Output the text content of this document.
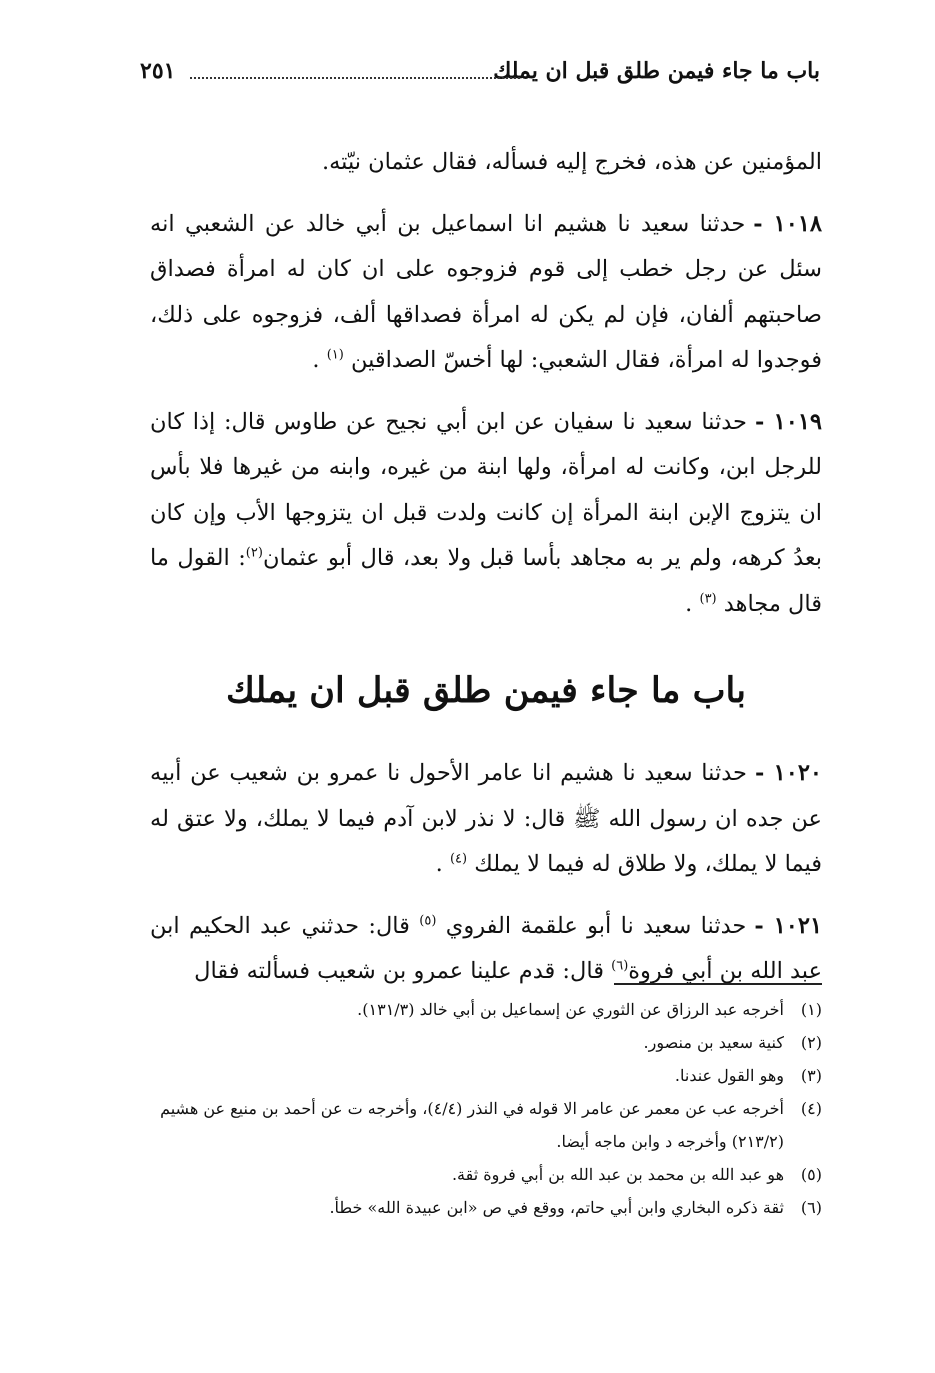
باب ما جاء فيمن طلق قبل ان يملك
٢٥١

المؤمنين عن هذه، فخرج إليه فسأله، فقال عثمان نيّته.

١٠١٨ -حدثنا سعيد نا هشيم انا اسماعيل بن أبي خالد عن الشعبي انه سئل عن رجل خطب إلى قوم فزوجوه على ان كان له امرأة فصداق صاحبتهم ألفان، فإن لم يكن له امرأة فصداقها ألف، فزوجوه على ذلك، فوجدوا له امرأة، فقال الشعبي: لها أخسّ الصداقين $^{(١)}$ .

١٠١٩ -حدثنا سعيد نا سفيان عن ابن أبي نجيح عن طاوس قال: إذا كان للرجل ابن، وكانت له امرأة، ولها ابنة من غيره، وابنه من غيرها فلا بأس ان يتزوج الإبن ابنة المرأة إن كانت ولدت قبل ان يتزوجها الأب وإن كان بعدُ كرهه، ولم ير به مجاهد بأسا قبل ولا بعد، قال أبو عثمان$^{(٢)}$: القول ما قال مجاهد $^{(٣)}$ .

باب ما جاء فيمن طلق قبل ان يملك

١٠٢٠ -حدثنا سعيد نا هشيم انا عامر الأحول نا عمرو بن شعيب عن أبيه عن جده ان رسول الله ﷺ قال: لا نذر لابن آدم فيما لا يملك، ولا عتق له فيما لا يملك، ولا طلاق له فيما لا يملك $^{(٤)}$ .

١٠٢١ -حدثنا سعيد نا أبو علقمة الفروي $^{(٥)}$ قال: حدثني عبد الحكيم ابن عبد الله بن أبي فروة$^{(٦)}$ قال: قدم علينا عمرو بن شعيب فسألته فقال

(١)
أخرجه عبد الرزاق عن الثوري عن إسماعيل بن أبي خالد (١٣١/٣).
(٢)
كنية سعيد بن منصور.
(٣)
وهو القول عندنا.
(٤)
أخرجه عب عن معمر عن عامر الا قوله في النذر (٤/٤)، وأخرجه ت عن أحمد بن منيع عن هشيم (٢١٣/٢) وأخرجه د وابن ماجه أيضا.
(٥)
هو عبد الله بن محمد بن عبد الله بن أبي فروة ثقة.
(٦)
ثقة ذكره البخاري وابن أبي حاتم، ووقع في ص «ابن عبيدة الله» خطأ.
